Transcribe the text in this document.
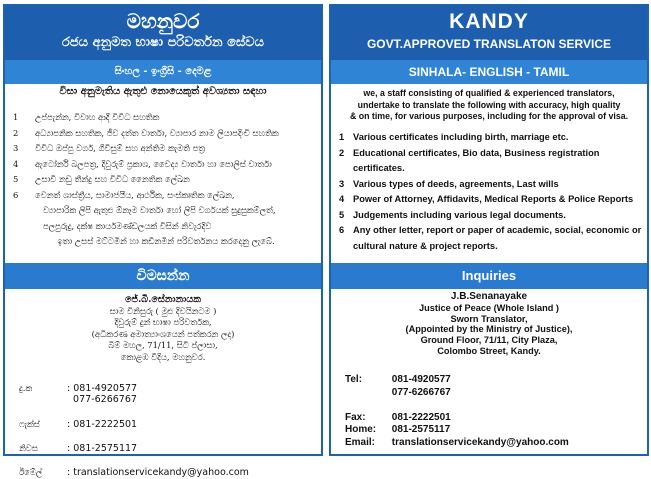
මහනුවර
රජය අනුමත භාෂා පරිවර්තන සේවය
සිංහල - ඉංග්‍රීසි - දෙමළ
විසා අනුමැතිය ඇතුළු නොයෙකුත් අවශ්‍යතා සඳහා
1	උප්පැන්න, විවාහ ආදී විවිධ සහතික
2	අධ්‍යාපනික සහතික, ජීව දත්ත වාර්තා, ව්‍යාපාර නාම ලියාපදිංචි සහතික
3	විවිධ ඔප්පු වර්ග, ගිවිසුම් සහ අන්තිම කැමති පත්‍ර
4	ඇටෝර්නි බලපත්‍ර, දිවුරුම් ප්‍රකාශ, වෛද්‍ය වාර්තා හා පොලිස් වාර්තා
5	උසාවි නඩු තීන්දු සහ විවිධ නෛතික ලේඛන
6	වෙනත් ශාස්ත්‍රීය, සාමාජයීය, ආර්ථික, සංස්කෘතික ලේඛන,
ව්‍යාපාරික ලිපි ඇතුළු ඕනෑම වාර්තා හෝ ලිපි වර්ගයක් සුදුසුකම්ලත්,
පලපුරුදු, දක්ෂ කාර්යමණ්ඩලයක් විසින් නිවැරදිව
ඉතා උසස් මට්ටමින් හා කඩිනමින් පරිවර්තනය කරදෙනු ලැබේ.
විමසන්න
ජේ.බී.සේනානායක
සාම විනිසුරු ( මුළු දිවයිනටම )
දිවුරුම් දුන් භාෂා පරිවර්තක,
(අධිකරණ අමාත්‍යාංශයෙන් පත්කරන ලද)
බිම් මහල, 71/11, සිටි ප්ලාසා,
කොළඹ වීදිය, මහනුවර.
දු.ක	: 081-4920577
077-6266767
ෆැක්ස්	: 081-2222501
නිවස	: 081-2575117
ඊමේල්	: translationservicekandy@yahoo.com
KANDY
GOVT.APPROVED TRANSLATON SERVICE
SINHALA- ENGLISH - TAMIL
we, a staff consisting of qualified & experienced translators,
undertake to translate the following with accuracy, high quality
& on time, for various purposes, including for the approval of visa.
1 Various certificates including birth, marriage etc.
2 Educational certificates, Bio data, Business registration certificates.
3 Various types of deeds, agreements, Last wills
4 Power of Attorney, Affidavits, Medical Reports & Police Reports
5 Judgements including various legal documents.
6 Any other letter, report or paper of academic, social, economic or cultural nature & project reports.
Inquiries
J.B.Senanayake
Justice of Peace (Whole Island )
Sworn Translator,
(Appointed by the Ministry of Justice),
Ground Floor, 71/11, City Plaza,
Colombo Street, Kandy.
Tel:	081-4920577
077-6266767
Fax:	081-2222501
Home: 081-2575117
Email: translationservicekandy@yahoo.com
